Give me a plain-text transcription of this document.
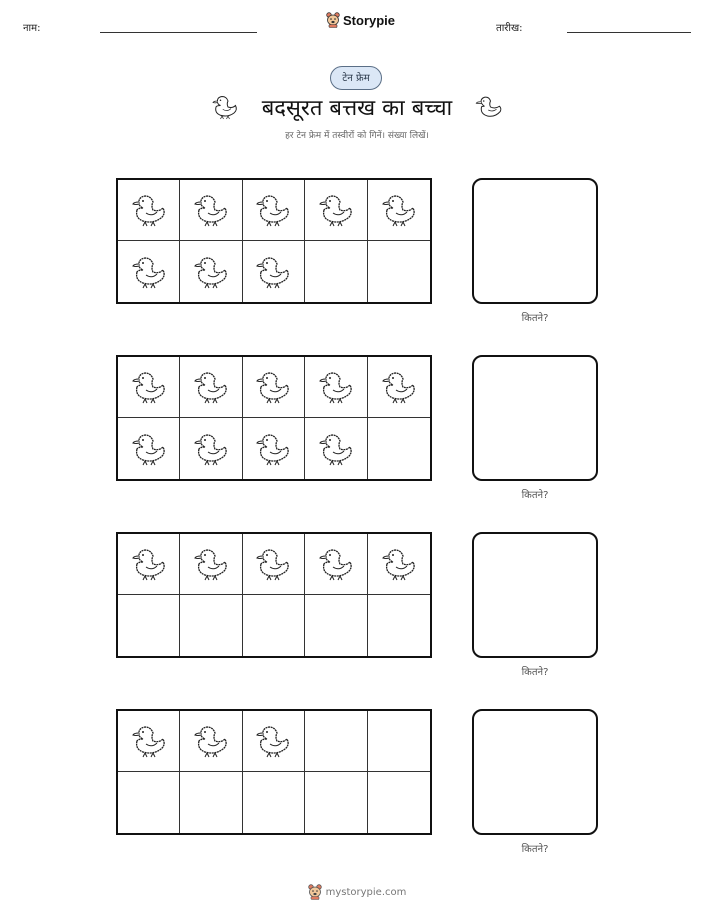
नाम:
Storypie
तारीख:
टेन फ्रेम
बदसूरत बत्तख का बच्चा
हर टेन फ्रेम में तस्वीरों को गिनें। संख्या लिखें।
कितने?
कितने?
कितने?
कितने?
mystorypie.com
